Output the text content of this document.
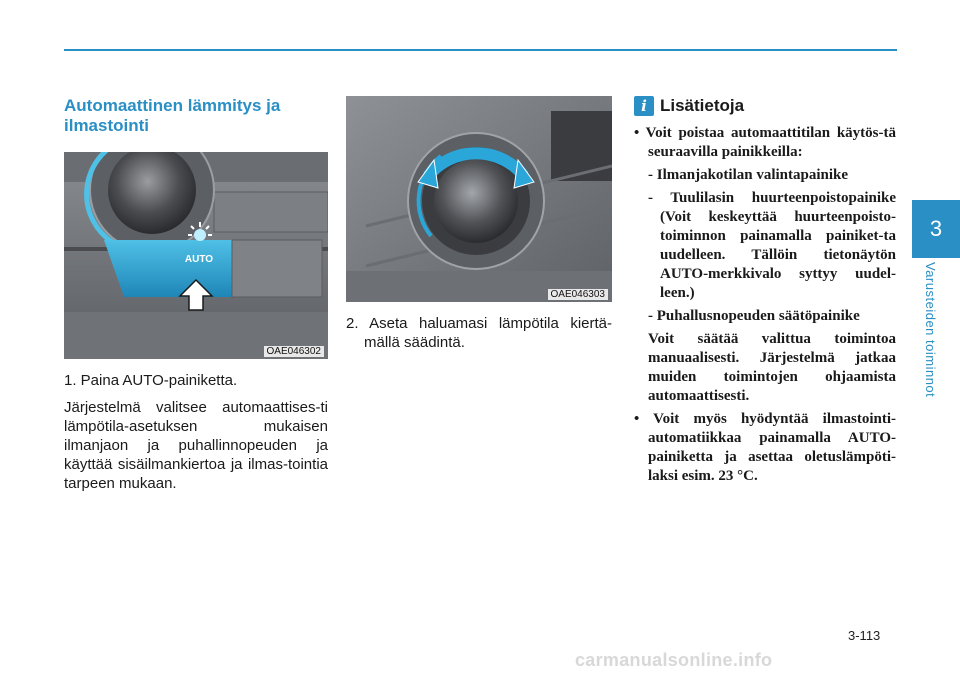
3
Varusteiden toiminnot
Automaattinen lämmitys ja ilmastointi
AUTO
OAE046302

1. Paina AUTO-painiketta.

Järjestelmä valitsee automaattises-ti lämpötila-asetuksen mukaisen ilmanjaon ja puhallinnopeuden ja käyttää sisäilmankiertoa ja ilmas-tointia tarpeen mukaan.

OAE046303

2. Aseta haluamasi lämpötila kiertä-mällä säädintä.

i Lisätietoja

• Voit poistaa automaattitilan käytös-tä seuraavilla painikkeilla:

- Ilmanjakotilan valintapainike

- Tuulilasin huurteenpoistopainike (Voit keskeyttää huurteenpoisto-toiminnon painamalla painiket-ta uudelleen. Tällöin tietonäytön AUTO-merkkivalo syttyy uudel-leen.)

- Puhallusnopeuden säätöpainike

Voit säätää valittua toimintoa manuaalisesti. Järjestelmä jatkaa muiden toimintojen ohjaamista automaattisesti.

• Voit myös hyödyntää ilmastointi-automatiikkaa painamalla AUTO-painiketta ja asettaa oletuslämpöti-laksi esim. 23 °C.

3-113
carmanualsonline.info
